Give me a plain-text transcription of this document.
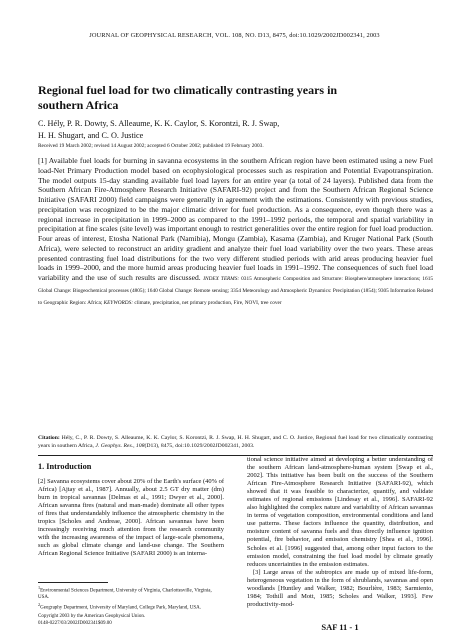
JOURNAL OF GEOPHYSICAL RESEARCH, VOL. 108, NO. D13, 8475, doi:10.1029/2002JD002341, 2003
Regional fuel load for two climatically contrasting years in southern Africa
C. Hély, P. R. Dowty, S. Alleaume, K. K. Caylor, S. Korontzi, R. J. Swap,
H. H. Shugart, and C. O. Justice
Received 19 March 2002; revised 14 August 2002; accepted 6 October 2002; published 19 February 2003.
[1] Available fuel loads for burning in savanna ecosystems in the southern African region have been estimated using a new Fuel load-Net Primary Production model based on ecophysiological processes such as respiration and Potential Evapotranspiration. The model outputs 15-day standing available fuel load layers for an entire year (a total of 24 layers). Published data from the Southern African Fire-Atmosphere Research Initiative (SAFARI-92) project and from the Southern African Regional Science Initiative (SAFARI 2000) field campaigns were generally in agreement with the estimations. Consistently with previous studies, precipitation was recognized to be the major climatic driver for fuel production. As a consequence, even though there was a regional increase in precipitation in 1999–2000 as compared to the 1991–1992 periods, the temporal and spatial variability in precipitation at fine scales (site level) was important enough to restrict generalities over the entire region for fuel load production. Four areas of interest, Etosha National Park (Namibia), Mongu (Zambia), Kasama (Zambia), and Kruger National Park (South Africa), were selected to reconstruct an aridity gradient and analyze their fuel load variability over the two years. These areas presented contrasting fuel load distributions for the two very different studied periods with arid areas producing heavier fuel loads in 1999–2000, and the more humid areas producing heavier fuel loads in 1991–1992. The consequences of such fuel load variability and the use of such results are discussed. INDEX TERMS: 0315 Atmospheric Composition and Structure: Biosphere/atmosphere interactions; 1615 Global Change: Biogeochemical processes (4805); 1640 Global Change: Remote sensing; 3354 Meteorology and Atmospheric Dynamics: Precipitation (1854); 9305 Information Related to Geographic Region: Africa; KEYWORDS: climate, precipitation, net primary production, Fire, NOVI, tree cover
Citation: Hély, C., P. R. Dowty, S. Alleaume, K. K. Caylor, S. Korontzi, R. J. Swap, H. H. Shugart, and C. O. Justice, Regional fuel load for two climatically contrasting years in southern Africa, J. Geophys. Res., 108(D13), 8475, doi:10.1029/2002JD002341, 2003.
1. Introduction

[2] Savanna ecosystems cover about 20% of the Earth's surface (40% of Africa) [Ajtay et al., 1987]. Annually, about 2.5 GT dry matter (dm) burn in tropical savannas [Delmas et al., 1991; Dwyer et al., 2000]. African savanna fires (natural and man-made) dominate all other types of fires that understandably influence the atmospheric chemistry in the tropics [Scholes and Andreae, 2000]. African savannas have been increasingly receiving much attention from the research community with the increasing awareness of the impact of large-scale phenomena, such as global climate change and land-use change. The Southern African Regional Science Initiative (SAFARI 2000) is an interna-

tional science initiative aimed at developing a better understanding of the southern African land-atmosphere-human system [Swap et al., 2002]. This initiative has been built on the success of the Southern African Fire-Atmosphere Research Initiative (SAFARI-92), which showed that it was feasible to characterize, quantify, and validate estimates of regional emissions [Lindesay et al., 1996]. SAFARI-92 also highlighted the complex nature and variability of African savannas in terms of vegetation composition, environmental conditions and land use patterns. These factors influence the quantity, distribution, and moisture content of savanna fuels and thus directly influence ignition potential, fire behavior, and emission chemistry [Shea et al., 1996]. Scholes et al. [1996] suggested that, among other input factors to the emission model, constraining the fuel load model by climate greatly reduces uncertainties in the emission estimates.

[3] Large areas of the subtropics are made up of mixed life-form, heterogeneous vegetation in the form of shrublands, savannas and open woodlands [Huntley and Walker, 1982; Bourlière, 1983; Sarmiento, 1984; Tothill and Mott, 1985; Scholes and Walker, 1993]. Few productivity-mod-

$^1$Environmental Sciences Department, University of Virginia, Charlottesville, Virginia, USA.
$^2$Geography Department, University of Maryland, College Park, Maryland, USA.
Copyright 2003 by the American Geophysical Union.
0148-0227/03/2002JD002341$09.00	SAF 11 - 1
